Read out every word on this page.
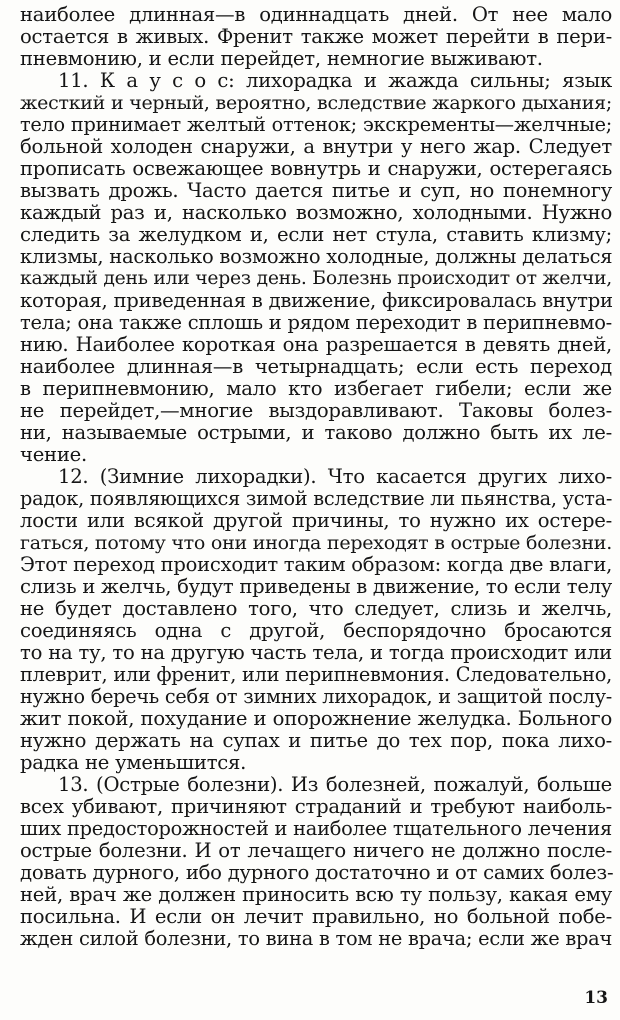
наиболее длинная—в одиннадцать дней. От нее мало
остается в живых. Френит также может перейти в пери-
пневмонию, и если перейдет, немногие выживают.
11. К а у с о с: лихорадка и жажда сильны; язык
жесткий и черный, вероятно, вследствие жаркого дыхания;
тело принимает желтый оттенок; экскременты—желчные;
больной холоден снаружи, а внутри у него жар. Следует
прописать освежающее вовнутрь и снаружи, остерегаясь
вызвать дрожь. Часто дается питье и суп, но понемногу
каждый раз и, насколько возможно, холодными. Нужно
следить за желудком и, если нет стула, ставить клизму;
клизмы, насколько возможно холодные, должны делаться
каждый день или через день. Болезнь происходит от желчи,
которая, приведенная в движение, фиксировалась внутри
тела; она также сплошь и рядом переходит в перипневмо-
нию. Наиболее короткая она разрешается в девять дней,
наиболее длинная—в четырнадцать; если есть переход
в перипневмонию, мало кто избегает гибели; если же
не перейдет,—многие выздоравливают. Таковы болез-
ни, называемые острыми, и таково должно быть их ле-
чение.
12. (Зимние лихорадки). Что касается других лихо-
радок, появляющихся зимой вследствие ли пьянства, уста-
лости или всякой другой причины, то нужно их остере-
гаться, потому что они иногда переходят в острые болезни.
Этот переход происходит таким образом: когда две влаги,
слизь и желчь, будут приведены в движение, то если телу
не будет доставлено того, что следует, слизь и желчь,
соединяясь одна с другой, беспорядочно бросаются
то на ту, то на другую часть тела, и тогда происходит или
плеврит, или френит, или перипневмония. Следовательно,
нужно беречь себя от зимних лихорадок, и защитой послу-
жит покой, похудание и опорожнение желудка. Больного
нужно держать на супах и питье до тех пор, пока лихо-
радка не уменьшится.
13. (Острые болезни). Из болезней, пожалуй, больше
всех убивают, причиняют страданий и требуют наиболь-
ших предосторожностей и наиболее тщательного лечения
острые болезни. И от лечащего ничего не должно после-
довать дурного, ибо дурного достаточно и от самих болез-
ней, врач же должен приносить всю ту пользу, какая ему
посильна. И если он лечит правильно, но больной побе-
жден силой болезни, то вина в том не врача; если же врач
13
